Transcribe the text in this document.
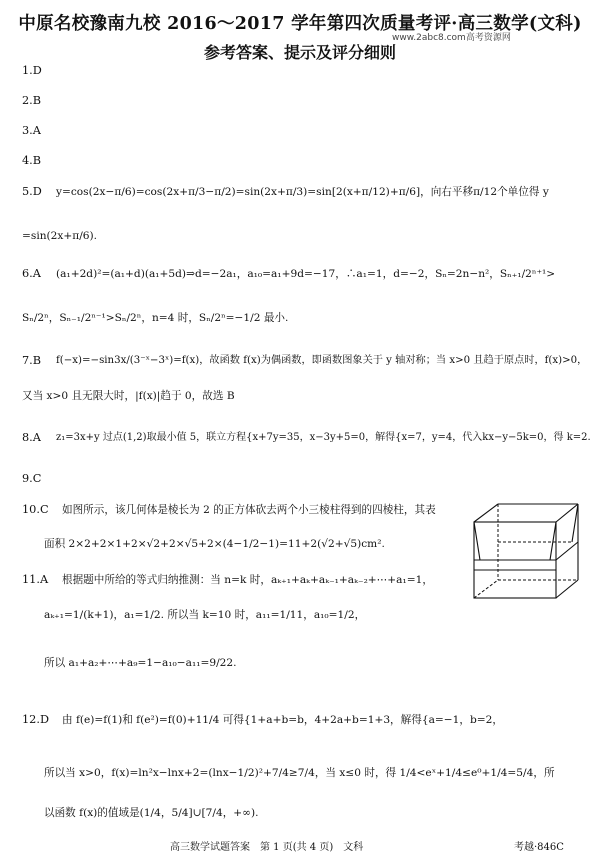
中原名校豫南九校 2016～2017 学年第四次质量考评·高三数学(文科)
参考答案、提示及评分细则
www.2abc8.com高考资源网
1.D
2.B
3.A
4.B
5.D y=cos(2x−π/6)=cos(2x+π/3−π/2)=sin(2x+π/3)=sin[2(x+π/12)+π/6]，向右平移π/12个单位得 y
=sin(2x+π/6).
6.A (a₁+2d)²=(a₁+d)(a₁+5d)⇒d=−2a₁，a₁₀=a₁+9d=−17，∴a₁=1，d=−2，Sₙ=2n−n²，Sₙ₊₁/2ⁿ⁺¹>
Sₙ/2ⁿ，Sₙ₋₁/2ⁿ⁻¹>Sₙ/2ⁿ，n=4 时，Sₙ/2ⁿ=−1/2 最小.
7.B f(−x)=−sin3x/(3⁻ˣ−3ˣ)=f(x)，故函数 f(x)为偶函数，即函数图象关于 y 轴对称；当 x>0 且趋于原点时，f(x)>0，
又当 x>0 且无限大时，|f(x)|趋于 0，故选 B
8.A z₁=3x+y 过点(1,2)取最小值 5，联立方程{x+7y=35，x−3y+5=0，解得{x=7，y=4，代入kx−y−5k=0，得 k=2.
9.C
10.C 如图所示，该几何体是棱长为 2 的正方体砍去两个小三棱柱得到的四棱柱，其表
面积 2×2+2×1+2×√2+2×√5+2×(4−1/2−1)=11+2(√2+√5)cm².
11.A 根据题中所给的等式归纳推测：当 n=k 时，aₖ₊₁+aₖ+aₖ₋₁+aₖ₋₂+⋯+a₁=1，
aₖ₊₁=1/(k+1)，a₁=1/2. 所以当 k=10 时，a₁₁=1/11，a₁₀=1/2，
所以 a₁+a₂+⋯+a₉=1−a₁₀−a₁₁=9/22.
12.D 由 f(e)=f(1)和 f(e²)=f(0)+11/4 可得{1+a+b=b，4+2a+b=1+3，解得{a=−1，b=2，
所以当 x>0，f(x)=ln²x−lnx+2=(lnx−1/2)²+7/4≥7/4，当 x≤0 时，得 1/4<eˣ+1/4≤e⁰+1/4=5/4，所
以函数 f(x)的值域是(1/4，5/4]∪[7/4，+∞).
高三数学试题答案　第 1 页(共 4 页)　文科	考越·846C
